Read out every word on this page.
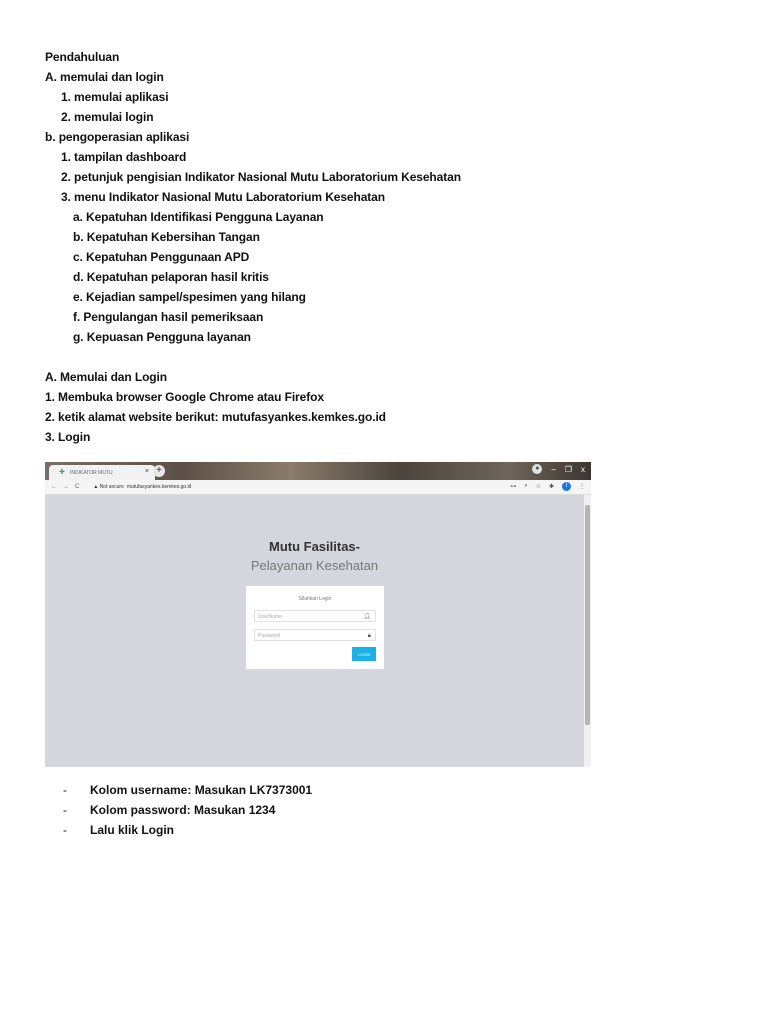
Pendahuluan
A. memulai dan login
1. memulai aplikasi
2. memulai login
b. pengoperasian aplikasi
1. tampilan dashboard
2. petunjuk pengisian Indikator Nasional Mutu Laboratorium Kesehatan
3. menu Indikator Nasional Mutu Laboratorium Kesehatan
a. Kepatuhan Identifikasi Pengguna Layanan
b. Kepatuhan Kebersihan Tangan
c. Kepatuhan Penggunaan APD
d. Kepatuhan pelaporan hasil kritis
e. Kejadian sampel/spesimen yang hilang
f. Pengulangan hasil pemeriksaan
g. Kepuasan Pengguna layanan
A. Memulai dan Login
1. Membuka browser Google Chrome atau Firefox
2. ketik alamat website berikut: mutufasyankes.kemkes.go.id
3. Login
✚ INDIKATOR MUTU	× +	●	– ❐ x
←→C ▲ Not secure mutufasyankes.kemkes.go.id	⊶ ⌕ ☆ ✱	I	⋮
Mutu Fasilitas-
Pelayanan Kesehatan
Silahkan Login
UserName	👤︎
Password	🔒︎
LOGIN
-	Kolom username: Masukan LK7373001
-	Kolom password: Masukan 1234
-	Lalu klik Login
